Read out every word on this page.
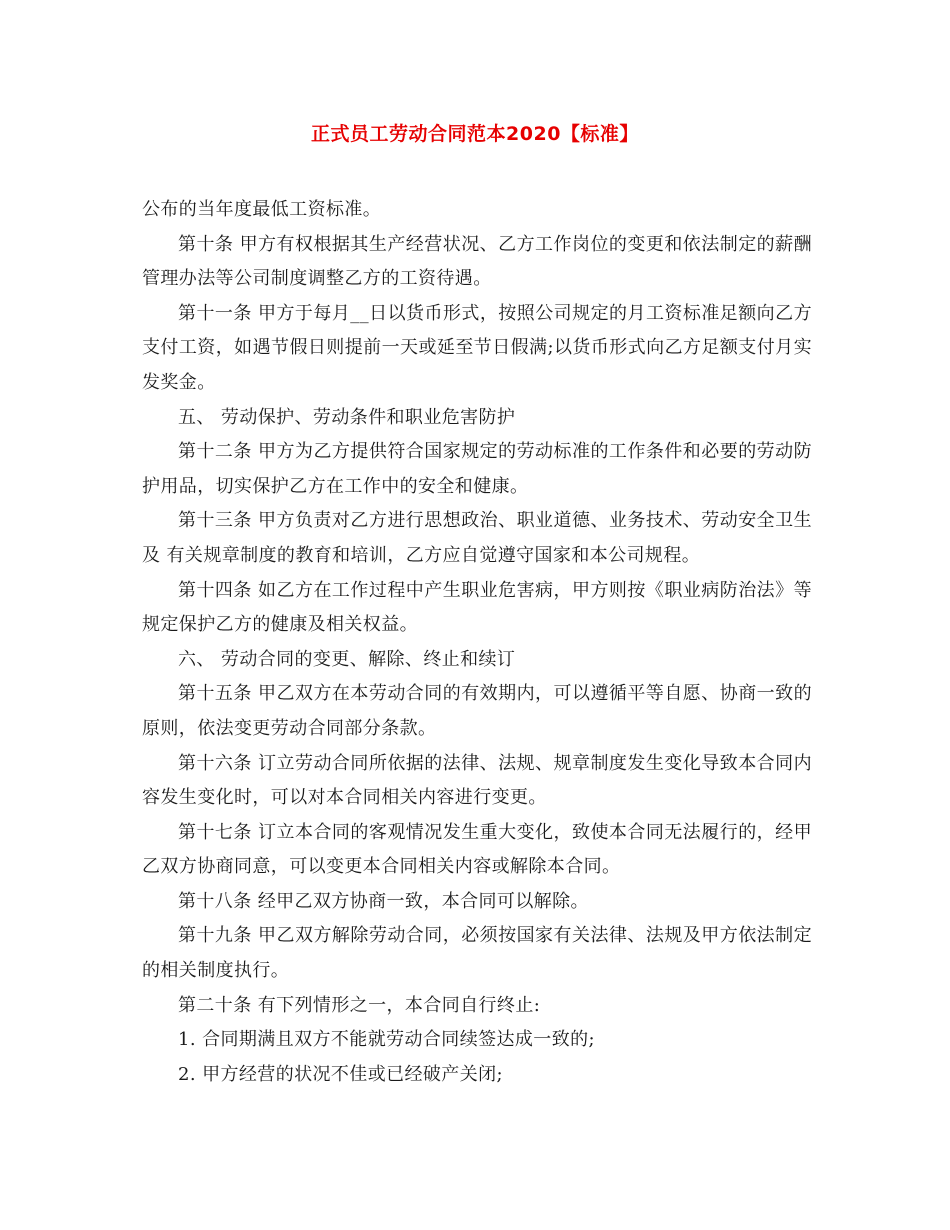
正式员工劳动合同范本2020【标准】

公布的当年度最低工资标准。

第十条 甲方有权根据其生产经营状况、乙方工作岗位的变更和依法制定的薪酬管理办法等公司制度调整乙方的工资待遇。

第十一条 甲方于每月__日以货币形式，按照公司规定的月工资标准足额向乙方支付工资，如遇节假日则提前一天或延至节日假满;以货币形式向乙方足额支付月实发奖金。

五、 劳动保护、劳动条件和职业危害防护

第十二条 甲方为乙方提供符合国家规定的劳动标准的工作条件和必要的劳动防护用品，切实保护乙方在工作中的安全和健康。

第十三条 甲方负责对乙方进行思想政治、职业道德、业务技术、劳动安全卫生及 有关规章制度的教育和培训，乙方应自觉遵守国家和本公司规程。

第十四条 如乙方在工作过程中产生职业危害病，甲方则按《职业病防治法》等 规定保护乙方的健康及相关权益。

六、 劳动合同的变更、解除、终止和续订

第十五条 甲乙双方在本劳动合同的有效期内，可以遵循平等自愿、协商一致的原则，依法变更劳动合同部分条款。

第十六条 订立劳动合同所依据的法律、法规、规章制度发生变化导致本合同内 容发生变化时，可以对本合同相关内容进行变更。

第十七条 订立本合同的客观情况发生重大变化，致使本合同无法履行的，经甲 乙双方协商同意，可以变更本合同相关内容或解除本合同。

第十八条 经甲乙双方协商一致，本合同可以解除。

第十九条 甲乙双方解除劳动合同，必须按国家有关法律、法规及甲方依法制定 的相关制度执行。

第二十条 有下列情形之一，本合同自行终止:

1. 合同期满且双方不能就劳动合同续签达成一致的;

2. 甲方经营的状况不佳或已经破产关闭;
